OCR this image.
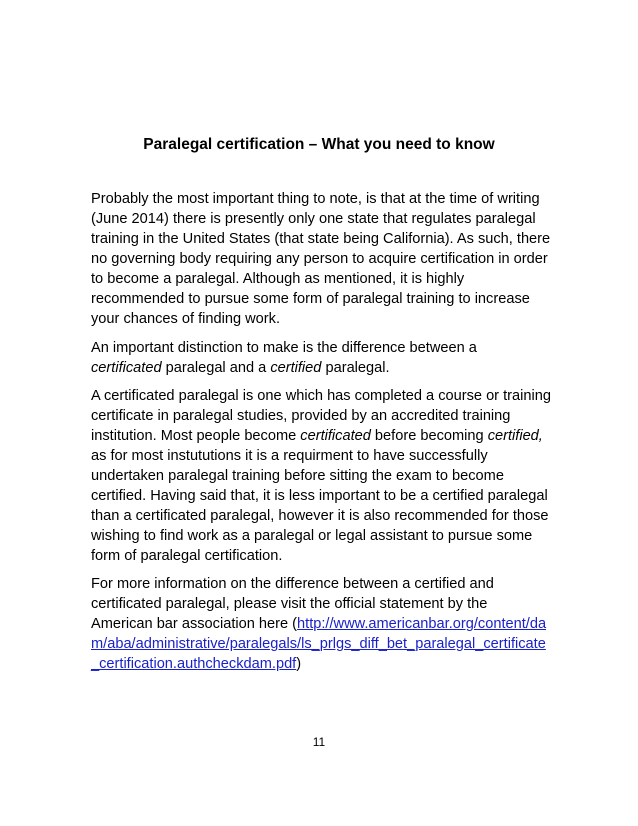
Paralegal certification – What you need to know

Probably the most important thing to note, is that at the time of writing (June 2014) there is presently only one state that regulates paralegal training in the United States (that state being California). As such, there no governing body requiring any person to acquire certification in order to become a paralegal. Although as mentioned, it is highly recommended to pursue some form of paralegal training to increase your chances of finding work.

An important distinction to make is the difference between a certificated paralegal and a certified paralegal.

A certificated paralegal is one which has completed a course or training certificate in paralegal studies, provided by an accredited training institution. Most people become certificated before becoming certified, as for most instututions it is a requirment to have successfully undertaken paralegal training before sitting the exam to become certified. Having said that, it is less important to be a certified paralegal than a certificated paralegal, however it is also recommended for those wishing to find work as a paralegal or legal assistant to pursue some form of paralegal certification.

For more information on the difference between a certified and certificated paralegal, please visit the official statement by the American bar association here (http://www.americanbar.org/content/dam/aba/administrative/paralegals/ls_prlgs_diff_bet_paralegal_certificate_certification.authcheckdam.pdf)

11
